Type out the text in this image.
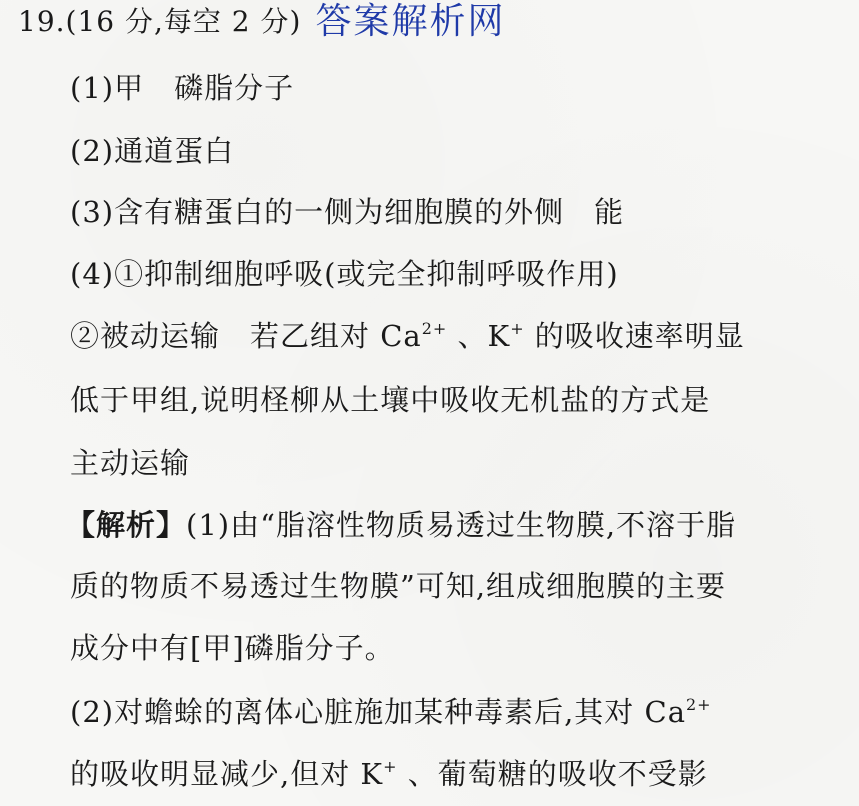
19.(16 分,每空 2 分) 答案解析网
(1)甲　磷脂分子
(2)通道蛋白
(3)含有糖蛋白的一侧为细胞膜的外侧　能
(4)①抑制细胞呼吸(或完全抑制呼吸作用)
②被动运输　若乙组对 $Ca^{2+}$ 、K+ 的吸收速率明显
低于甲组,说明柽柳从土壤中吸收无机盐的方式是
主动运输
【解析】(1)由“脂溶性物质易透过生物膜,不溶于脂
质的物质不易透过生物膜”可知,组成细胞膜的主要
成分中有[甲]磷脂分子。
(2)对蟾蜍的离体心脏施加某种毒素后,其对 $Ca^{2+}$
的吸收明显减少,但对 K+ 、葡萄糖的吸收不受影
